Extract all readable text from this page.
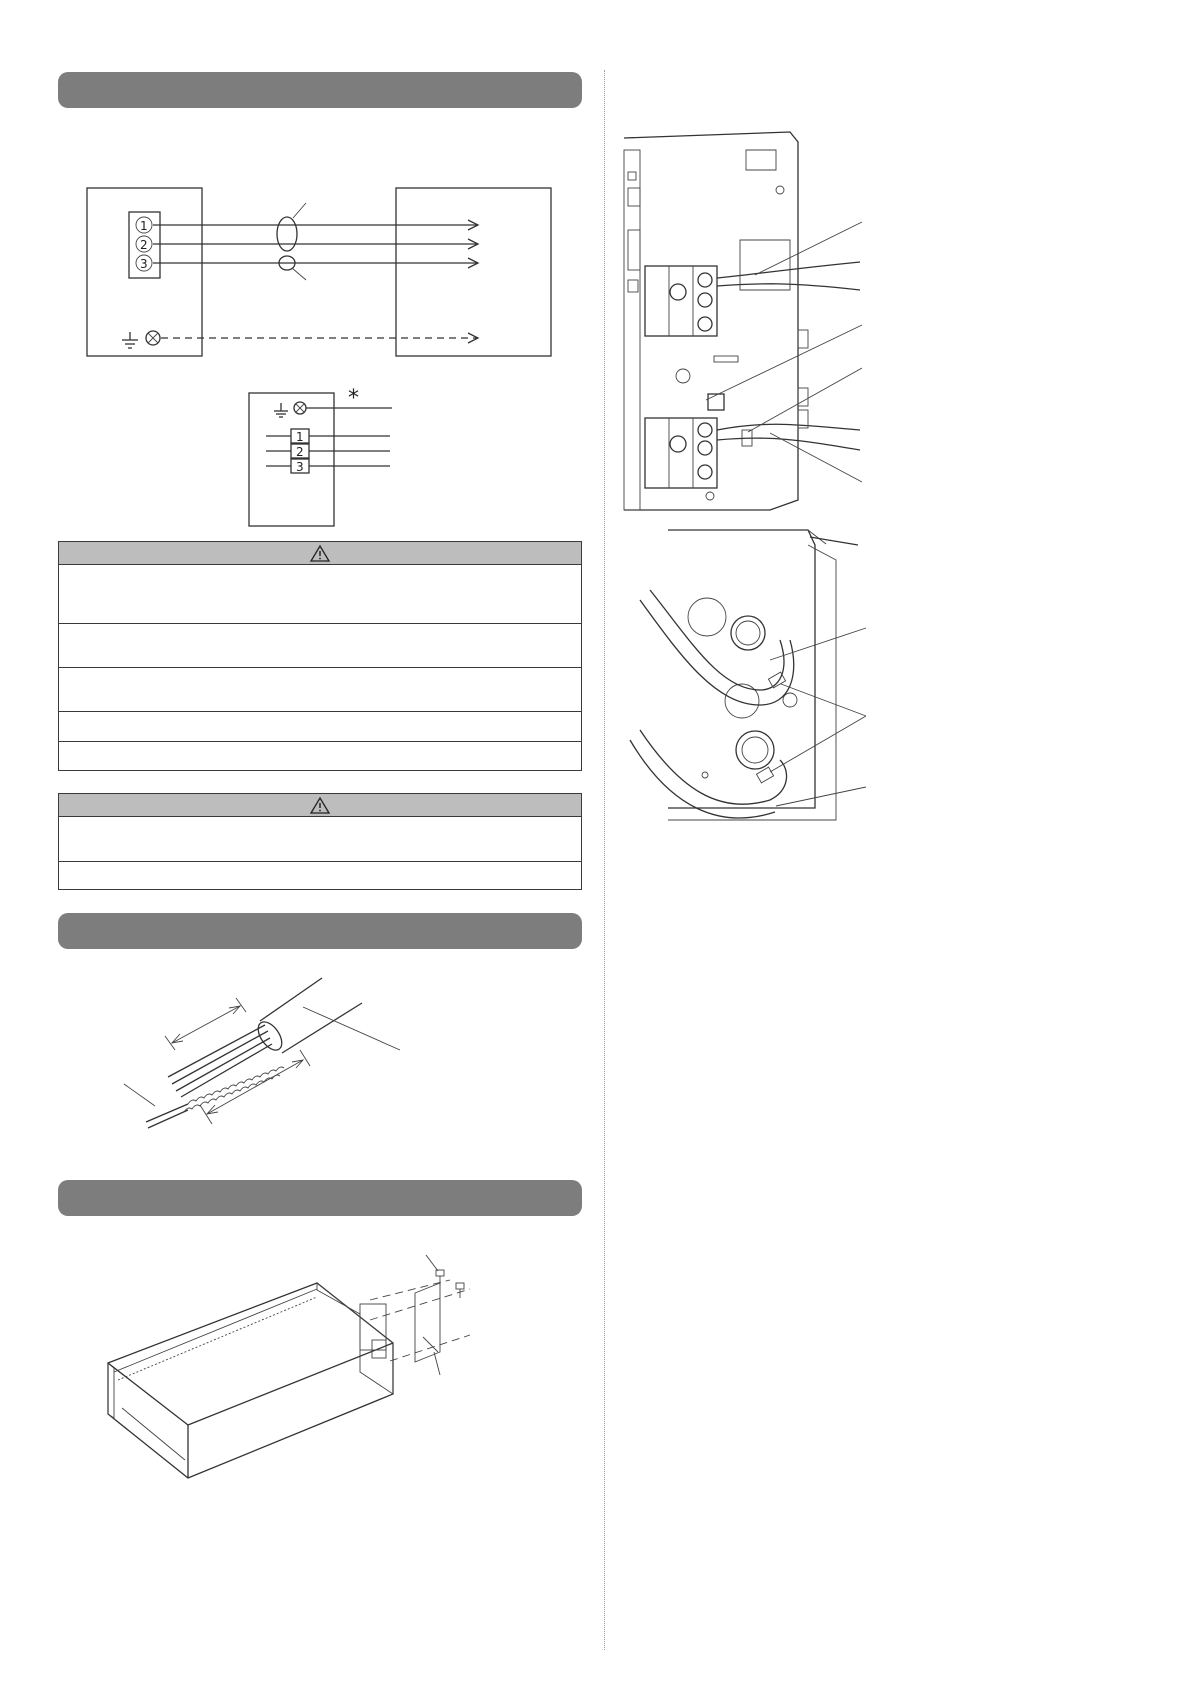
1
2
3
*
1
2
3
